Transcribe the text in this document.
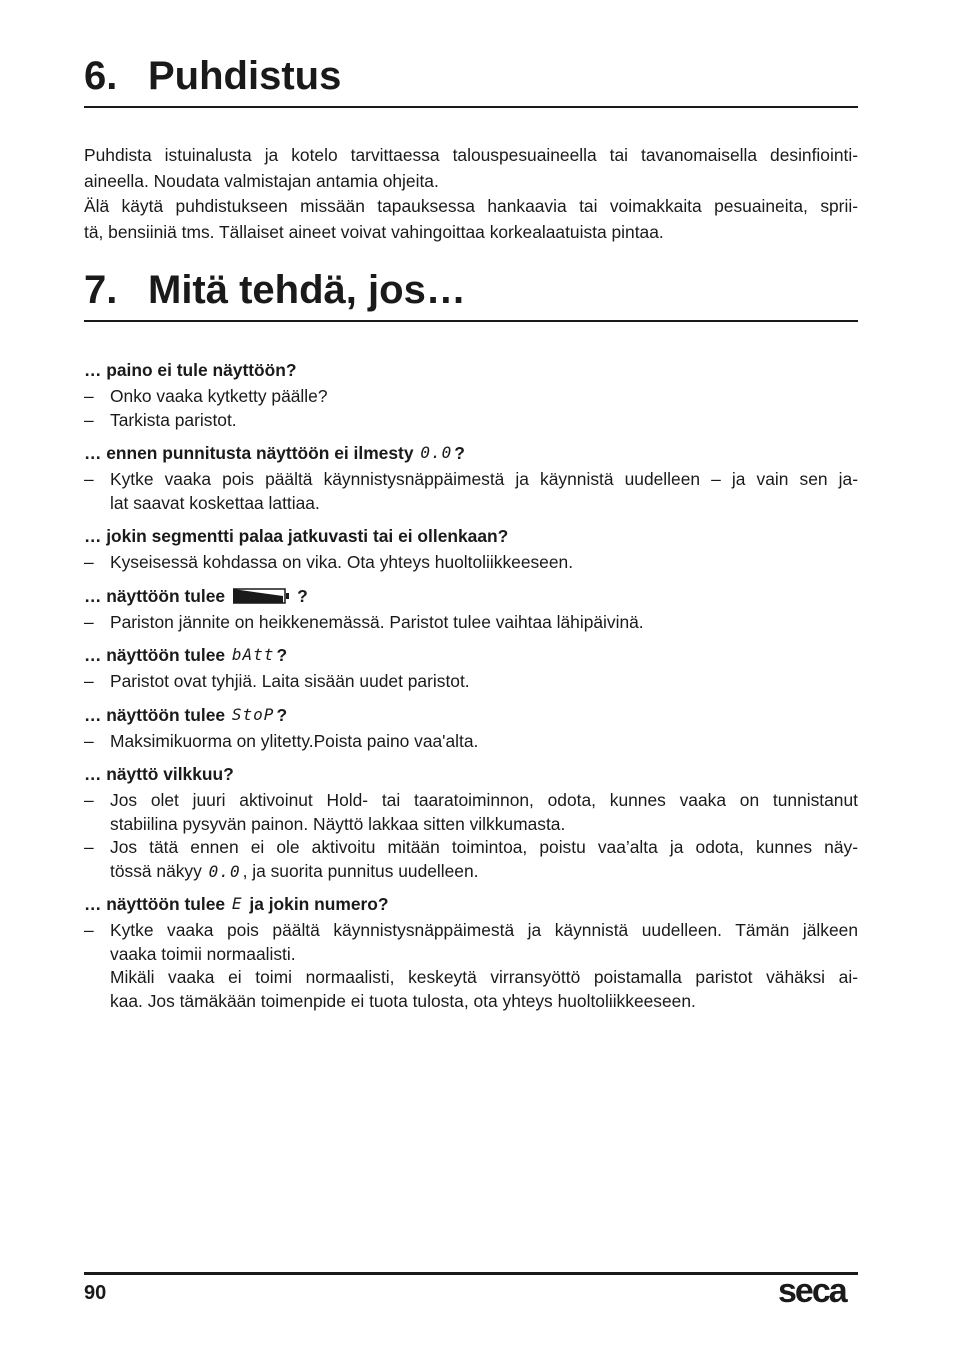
6. Puhdistus

Puhdista istuinalusta ja kotelo tarvittaessa talouspesuaineella tai tavanomaisella desinfiointi-
aineella. Noudata valmistajan antamia ohjeita.

Älä käytä puhdistukseen missään tapauksessa hankaavia tai voimakkaita pesuaineita, sprii-
tä, bensiiniä tms. Tällaiset aineet voivat vahingoittaa korkealaatuista pintaa.

7. Mitä tehdä, jos…

… paino ei tule näyttöön?

– Onko vaaka kytketty päälle?
– Tarkista paristot.

… ennen punnitusta näyttöön ei ilmesty 0.0 ?

– Kytke vaaka pois päältä käynnistysnäppäimestä ja käynnistä uudelleen – ja vain sen ja-
lat saavat koskettaa lattiaa.

… jokin segmentti palaa jatkuvasti tai ei ollenkaan?

– Kyseisessä kohdassa on vika. Ota yhteys huoltoliikkeeseen.

… näyttöön tulee	?

– Pariston jännite on heikkenemässä. Paristot tulee vaihtaa lähipäivinä.

… näyttöön tulee bAtt ?

– Paristot ovat tyhjiä. Laita sisään uudet paristot.

… näyttöön tulee StoP ?

– Maksimikuorma on ylitetty.Poista paino vaa'alta.

… näyttö vilkkuu?

– Jos olet juuri aktivoinut Hold- tai taaratoiminnon, odota, kunnes vaaka on tunnistanut
stabiilina pysyvän painon. Näyttö lakkaa sitten vilkkumasta.
– Jos tätä ennen ei ole aktivoitu mitään toimintoa, poistu vaa’alta ja odota, kunnes näy-
tössä näkyy 0.0 , ja suorita punnitus uudelleen.

… näyttöön tulee E ja jokin numero?

– Kytke vaaka pois päältä käynnistysnäppäimestä ja käynnistä uudelleen. Tämän jälkeen
vaaka toimii normaalisti.
Mikäli vaaka ei toimi normaalisti, keskeytä virransyöttö poistamalla paristot vähäksi ai-
kaa. Jos tämäkään toimenpide ei tuota tulosta, ota yhteys huoltoliikkeeseen.
90	seca
